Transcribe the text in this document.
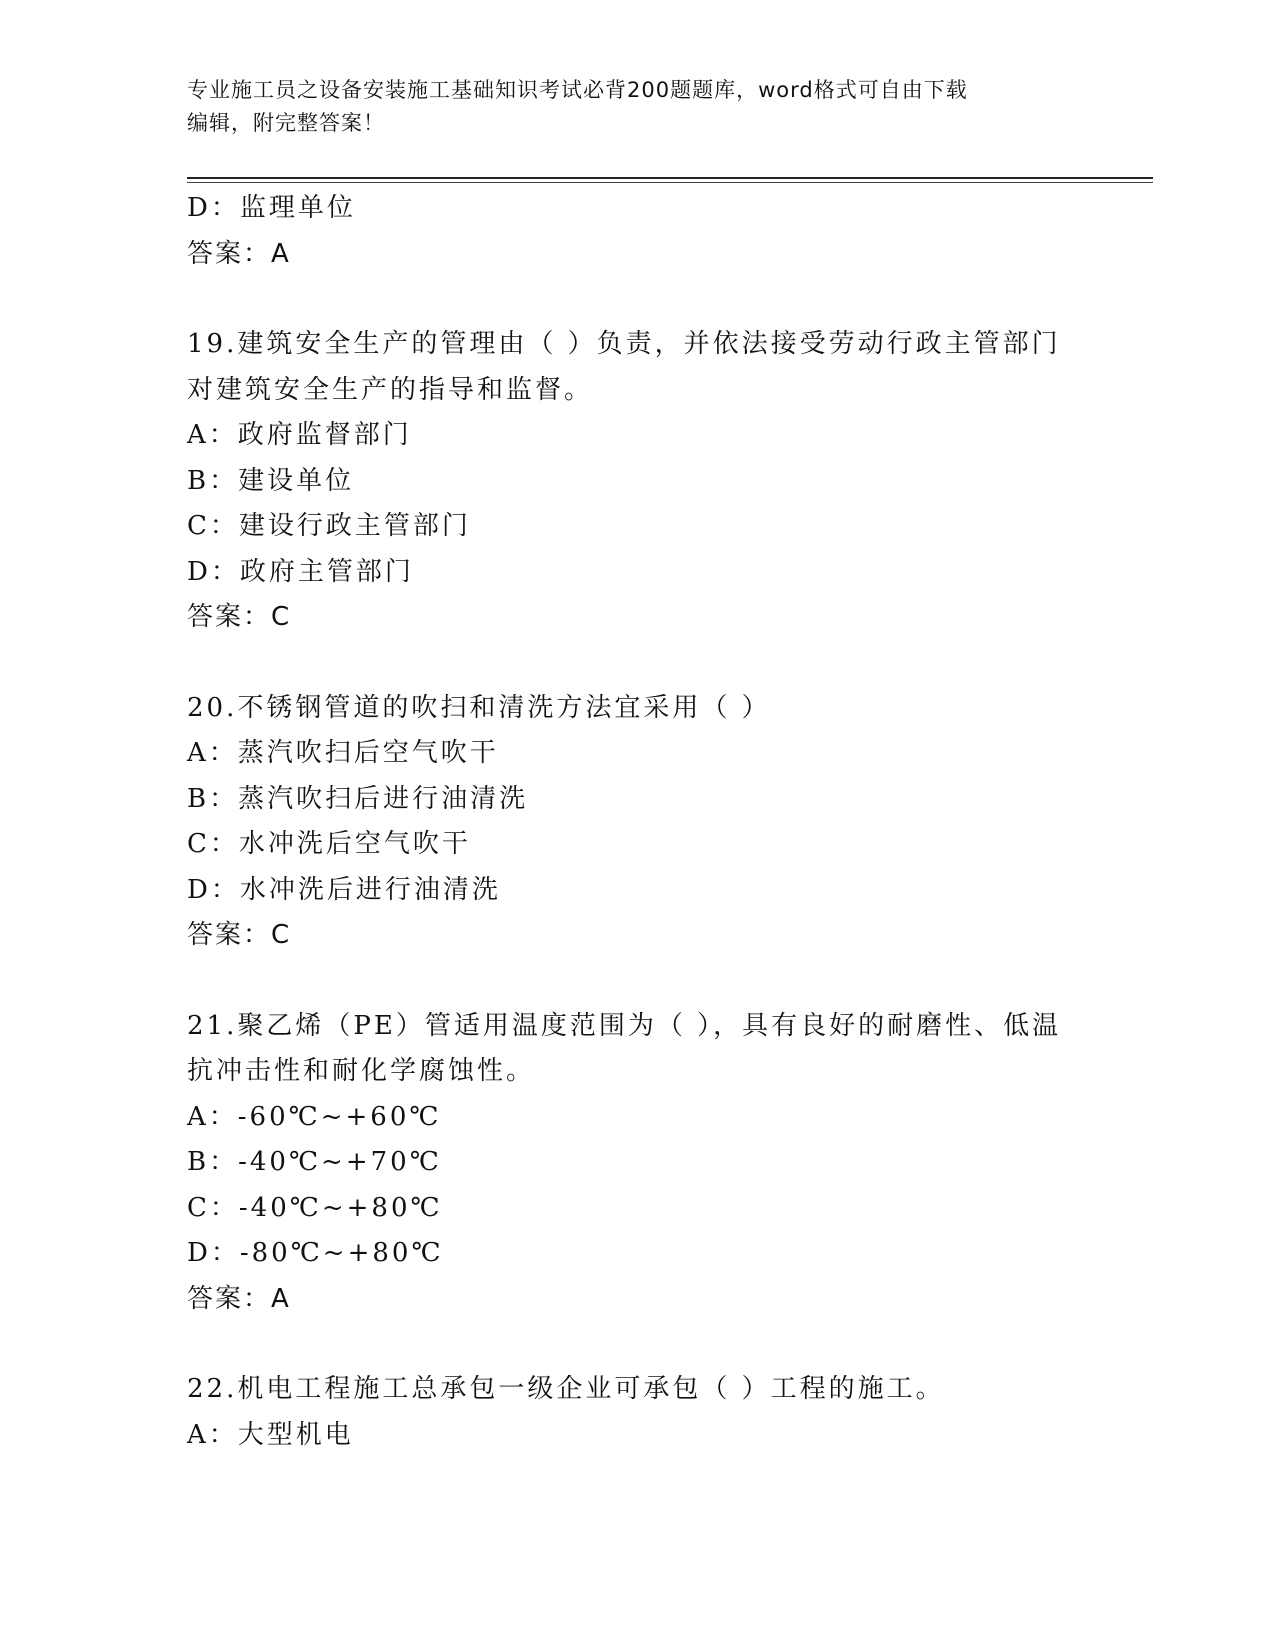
专业施工员之设备安装施工基础知识考试必背200题题库，word格式可自由下载
编辑，附完整答案！
D：监理单位
答案：A
19.建筑安全生产的管理由（ ）负责，并依法接受劳动行政主管部门
对建筑安全生产的指导和监督。
A：政府监督部门
B：建设单位
C：建设行政主管部门
D：政府主管部门
答案：C
20.不锈钢管道的吹扫和清洗方法宜采用（ ）
A：蒸汽吹扫后空气吹干
B：蒸汽吹扫后进行油清洗
C：水冲洗后空气吹干
D：水冲洗后进行油清洗
答案：C
21.聚乙烯（PE）管适用温度范围为（ ），具有良好的耐磨性、低温
抗冲击性和耐化学腐蚀性。
A：-60℃~+60℃
B：-40℃~+70℃
C：-40℃~+80℃
D：-80℃~+80℃
答案：A
22.机电工程施工总承包一级企业可承包（ ）工程的施工。
A：大型机电
